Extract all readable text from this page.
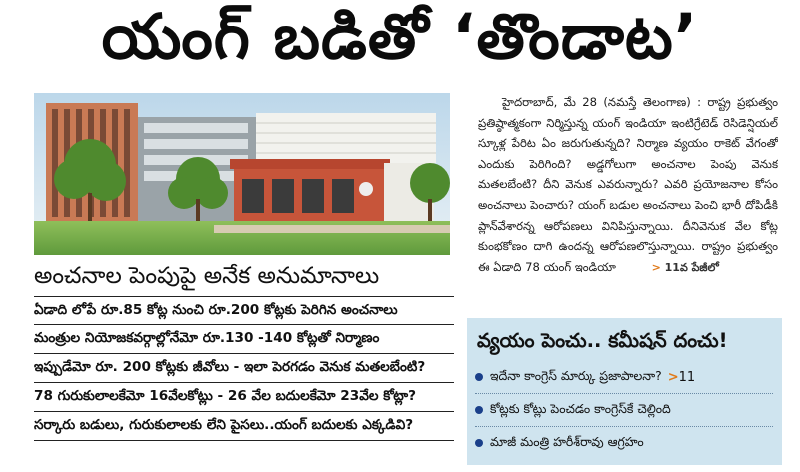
యంగ్ బడితో ‘తొండాట’
అంచనాల పెంపుపై అనేక అనుమానాలు
ఏడాది లోపే రూ.85 కోట్ల నుంచి రూ.200 కోట్లకు పెరిగిన అంచనాలు
మంత్రుల నియోజకవర్గాల్లోనేమో రూ.130 -140 కోట్లతో నిర్మాణం
ఇప్పుడేమో రూ. 200 కోట్లకు జీవోలు - ఇలా పెరగడం వెనుక మతలబేంటి?
78 గురుకులాలకేమో 16వేలకోట్లు - 26 వేల బదులకేమో 23వేల కోట్లా?
సర్కారు బడులు, గురుకులాలకు లేని పైసలు..యంగ్ బదులకు ఎక్కడివి?

హైదరాబాద్, మే 28 (నమస్తే తెలంగాణ) : రాష్ట్ర ప్రభుత్వం ప్రతిష్ఠాత్మకంగా నిర్మిస్తున్న యంగ్ ఇండియా ఇంటిగ్రేటెడ్ రెసిడెన్షియల్ స్కూళ్ల పేరిట ఏం జరుగుతున్నది? నిర్మాణ వ్యయం రాకెట్ వేగంతో ఎందుకు పెరిగింది? అడ్డగోలుగా అంచనాల పెంపు వెనుక మతలబేంటి? దీని వెనుక ఎవరున్నారు? ఎవరి ప్రయోజనాల కోసం అంచనాలు పెంచారు? యంగ్ బడుల అంచనాలు పెంచి భారీ దోపిడీకి ప్లాన్‌వేశారన్న ఆరోపణలు వినిపిస్తున్నాయి. దీనివెనుక వేల కోట్ల కుంభకోణం దాగి ఉందన్న ఆరోపణలొస్తున్నాయి. రాష్ట్రం ప్రభుత్వం ఈ ఏడాది 78 యంగ్ ఇండియా	> 11వ పేజీలో

వ్యయం పెంచు.. కమీషన్ దంచు!
ఇదేనా కాంగ్రెస్ మార్కు ప్రజాపాలనా? >11
కోట్లకు కోట్లు పెంచడం కాంగ్రెస్‌కే చెల్లింది
మాజీ మంత్రి హరీశ్‌రావు ఆగ్రహం
